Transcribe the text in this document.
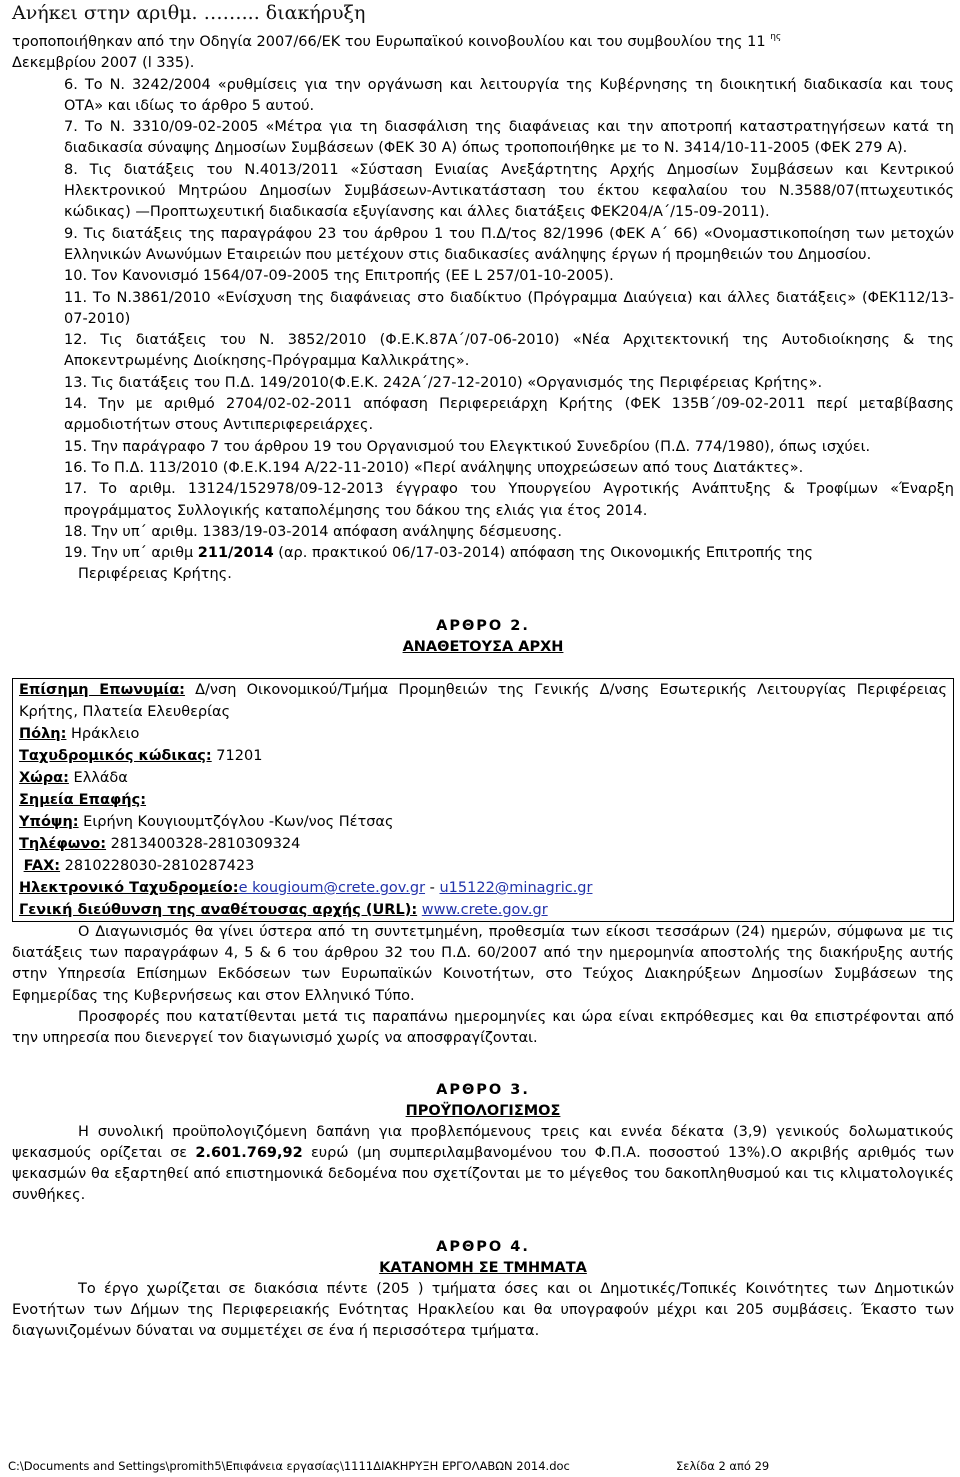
Ανήκει στην αριθμ. ……... διακήρυξη

τροποποιήθηκαν από την Οδηγία 2007/66/ΕΚ του Ευρωπαϊκού κοινοβουλίου και του συμβουλίου της 11 $^{\eta\varsigma}$
Δεκεμβρίου 2007 (l 335).

6. Το Ν. 3242/2004 «ρυθμίσεις για την οργάνωση και λειτουργία της Κυβέρνησης τη διοικητική διαδικασία και τους ΟΤΑ» και ιδίως το άρθρο 5 αυτού.

7. Το Ν. 3310/09-02-2005 «Μέτρα για τη διασφάλιση της διαφάνειας και την αποτροπή καταστρατηγήσεων κατά τη διαδικασία σύναψης Δημοσίων Συμβάσεων (ΦΕΚ 30 Α) όπως τροποποιήθηκε με το Ν. 3414/10-11-2005 (ΦΕΚ 279 Α).

8. Τις διατάξεις του Ν.4013/2011 «Σύσταση Ενιαίας Ανεξάρτητης Αρχής Δημοσίων Συμβάσεων και Κεντρικού Ηλεκτρονικού Μητρώου Δημοσίων Συμβάσεων-Αντικατάσταση του έκτου κεφαλαίου του Ν.3588/07(πτωχευτικός κώδικας) —Προπτωχευτική διαδικασία εξυγίανσης και άλλες διατάξεις ΦΕΚ204/Α΄/15-09-2011).

9. Τις διατάξεις της παραγράφου 23 του άρθρου 1 του Π.Δ/τος 82/1996 (ΦΕΚ Α΄ 66) «Ονομαστικοποίηση των μετοχών Ελληνικών Ανωνύμων Εταιρειών που μετέχουν στις διαδικασίες ανάληψης έργων ή προμηθειών του Δημοσίου.

10. Τον Κανονισμό 1564/07-09-2005 της Επιτροπής (ΕΕ L 257/01-10-2005).

11. Το Ν.3861/2010 «Ενίσχυση της διαφάνειας στο διαδίκτυο (Πρόγραμμα Διαύγεια) και άλλες διατάξεις» (ΦΕΚ112/13-07-2010)

12. Τις διατάξεις του Ν. 3852/2010 (Φ.Ε.Κ.87Α΄/07-06-2010) «Νέα Αρχιτεκτονική της Αυτοδιοίκησης & της Αποκεντρωμένης Διοίκησης-Πρόγραμμα Καλλικράτης».

13. Τις διατάξεις του Π.Δ. 149/2010(Φ.Ε.Κ. 242Α΄/27-12-2010) «Οργανισμός της Περιφέρειας Κρήτης».

14. Την με αριθμό 2704/02-02-2011 απόφαση Περιφερειάρχη Κρήτης (ΦΕΚ 135Β΄/09-02-2011 περί μεταβίβασης αρμοδιοτήτων στους Αντιπεριφερειάρχες.

15. Την παράγραφο 7 του άρθρου 19 του Οργανισμού του Ελεγκτικού Συνεδρίου (Π.Δ. 774/1980), όπως ισχύει.

16. Το Π.Δ. 113/2010 (Φ.Ε.Κ.194 Α/22-11-2010) «Περί ανάληψης υποχρεώσεων από τους Διατάκτες».

17. Το αριθμ. 13124/152978/09-12-2013 έγγραφο του Υπουργείου Αγροτικής Ανάπτυξης & Τροφίμων «Έναρξη προγράμματος Συλλογικής καταπολέμησης του δάκου της ελιάς για έτος 2014.

18. Την υπ΄ αριθμ. 1383/19-03-2014 απόφαση ανάληψης δέσμευσης.

19. Την υπ΄ αριθμ 211/2014 (αρ. πρακτικού 06/17-03-2014) απόφαση της Οικονομικής Επιτροπής της
Περιφέρειας Κρήτης.

ΑΡΘΡΟ 2.
ΑΝΑΘΕΤΟΥΣΑ ΑΡΧΗ

Επίσημη Επωνυμία: Δ/νση Οικονομικού/Τμήμα Προμηθειών της Γενικής Δ/νσης Εσωτερικής Λειτουργίας Περιφέρειας Κρήτης, Πλατεία Ελευθερίας

Πόλη: Ηράκλειο

Ταχυδρομικός κώδικας: 71201

Χώρα: Ελλάδα

Σημεία Επαφής:

Υπόψη: Ειρήνη Κουγιουμτζόγλου -Κων/νος Πέτσας

Τηλέφωνο: 2813400328-2810309324

FAX: 2810228030-2810287423

Ηλεκτρονικό Ταχυδρομείο:e kougioum@crete.gov.gr - u15122@minagric.gr

Γενική διεύθυνση της αναθέτουσας αρχής (URL): www.crete.gov.gr

Ο Διαγωνισμός θα γίνει ύστερα από τη συντετμημένη, προθεσμία των είκοσι τεσσάρων (24) ημερών, σύμφωνα με τις διατάξεις των παραγράφων 4, 5 & 6 του άρθρου 32 του Π.Δ. 60/2007 από την ημερομηνία αποστολής της διακήρυξης αυτής στην Υπηρεσία Επίσημων Εκδόσεων των Ευρωπαϊκών Κοινοτήτων, στο Τεύχος Διακηρύξεων Δημοσίων Συμβάσεων της Εφημερίδας της Κυβερνήσεως και στον Ελληνικό Τύπο.

Προσφορές που κατατίθενται μετά τις παραπάνω ημερομηνίες και ώρα είναι εκπρόθεσμες και θα επιστρέφονται από την υπηρεσία που διενεργεί τον διαγωνισμό χωρίς να αποσφραγίζονται.

ΑΡΘΡΟ 3.
ΠΡΟΫΠΟΛΟΓΙΣΜΟΣ

Η συνολική προϋπολογιζόμενη δαπάνη για προβλεπόμενους τρεις και εννέα δέκατα (3,9) γενικούς δολωματικούς ψεκασμούς ορίζεται σε 2.601.769,92 ευρώ (μη συμπεριλαμβανομένου του Φ.Π.Α. ποσοστού 13%).Ο ακριβής αριθμός των ψεκασμών θα εξαρτηθεί από επιστημονικά δεδομένα που σχετίζονται με το μέγεθος του δακοπληθυσμού και τις κλιματολογικές συνθήκες.

ΑΡΘΡΟ 4.
ΚΑΤΑΝΟΜΗ ΣΕ ΤΜΗΜΑΤΑ

Το έργο χωρίζεται σε διακόσια πέντε (205 ) τμήματα όσες και οι Δημοτικές/Τοπικές Κοινότητες των Δημοτικών Ενοτήτων των Δήμων της Περιφερειακής Ενότητας Ηρακλείου και θα υπογραφούν μέχρι και 205 συμβάσεις. Έκαστο των διαγωνιζομένων δύναται να συμμετέχει σε ένα ή περισσότερα τμήματα.

C:\Documents and Settings\promith5\Επιφάνεια εργασίας\1111ΔΙΑΚΗΡΥΞΗ ΕΡΓΟΛΑΒΩΝ 2014.doc	Σελίδα 2 από 29
